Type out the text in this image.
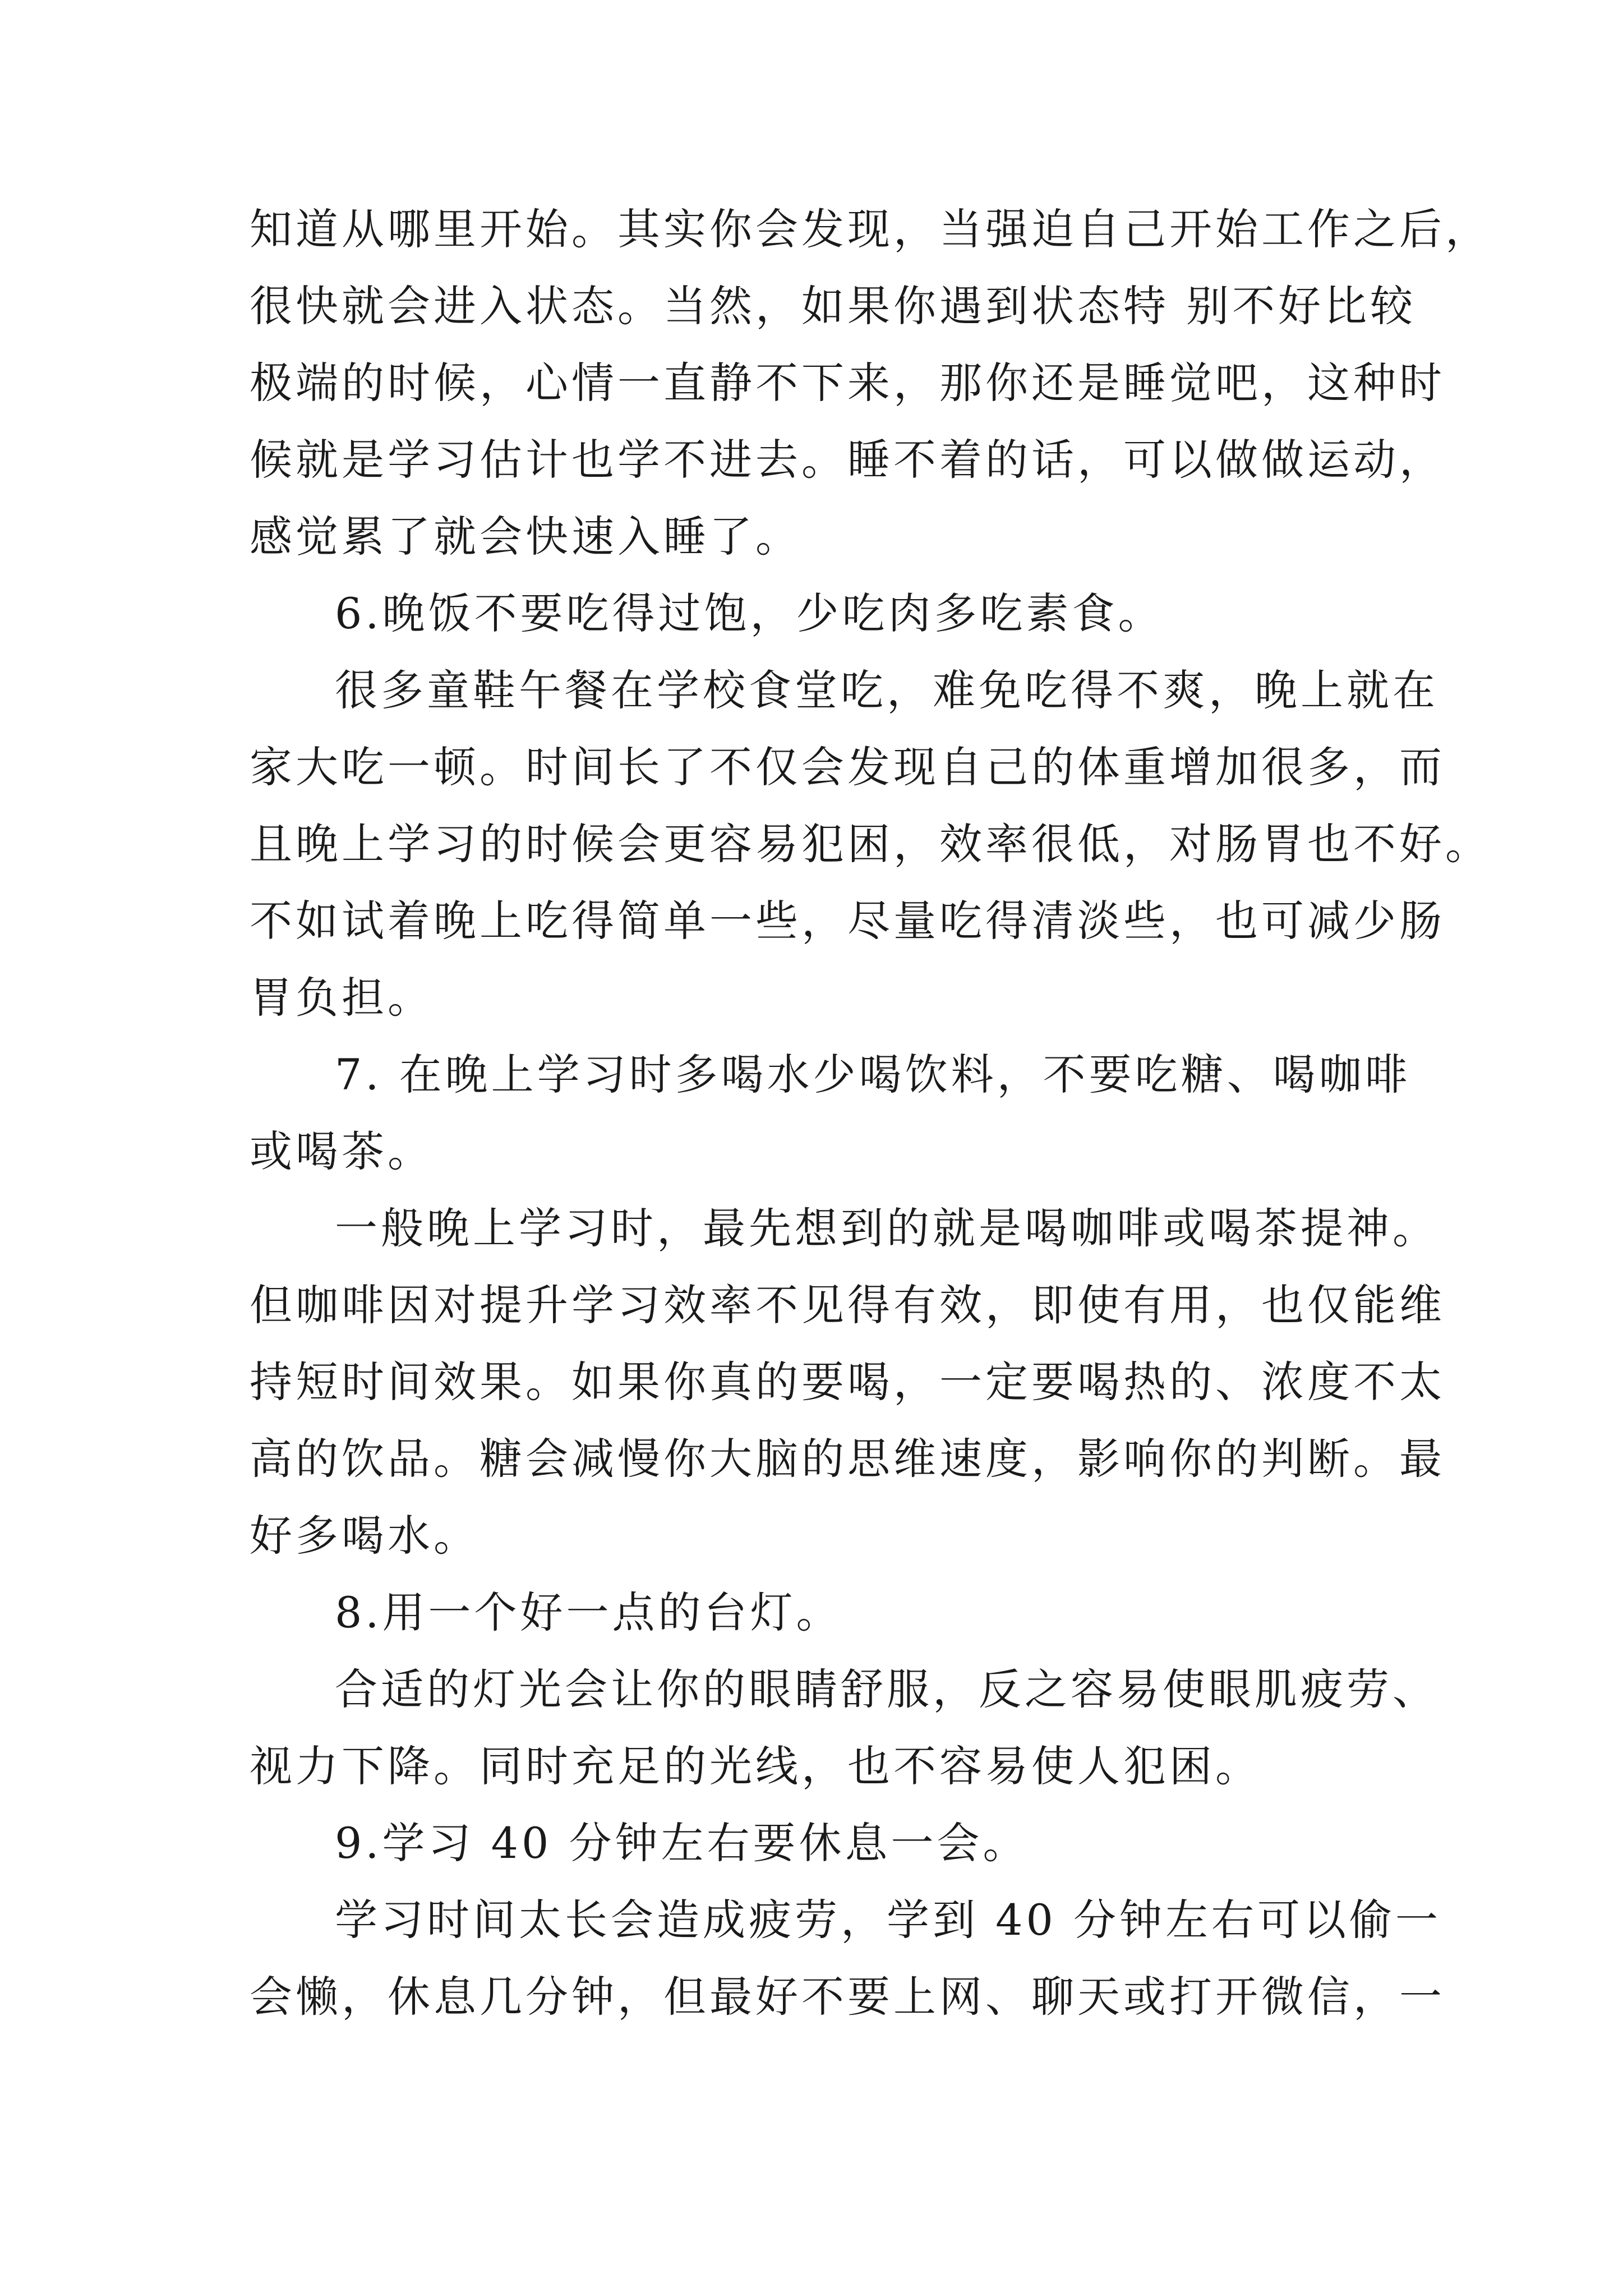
知道从哪里开始。其实你会发现，当强迫自己开始工作之后，
很快就会进入状态。当然，如果你遇到状态特 别不好比较
极端的时候，心情一直静不下来，那你还是睡觉吧，这种时
候就是学习估计也学不进去。睡不着的话，可以做做运动，
感觉累了就会快速入睡了。
6.晚饭不要吃得过饱，少吃肉多吃素食。
很多童鞋午餐在学校食堂吃，难免吃得不爽，晚上就在
家大吃一顿。时间长了不仅会发现自己的体重增加很多，而
且晚上学习的时候会更容易犯困，效率很低，对肠胃也不好。
不如试着晚上吃得简单一些，尽量吃得清淡些，也可减少肠
胃负担。
7. 在晚上学习时多喝水少喝饮料，不要吃糖、喝咖啡
或喝茶。
一般晚上学习时，最先想到的就是喝咖啡或喝茶提神。
但咖啡因对提升学习效率不见得有效，即使有用，也仅能维
持短时间效果。如果你真的要喝，一定要喝热的、浓度不太
高的饮品。糖会减慢你大脑的思维速度，影响你的判断。最
好多喝水。
8.用一个好一点的台灯。
合适的灯光会让你的眼睛舒服，反之容易使眼肌疲劳、
视力下降。同时充足的光线，也不容易使人犯困。
9.学习 40 分钟左右要休息一会。
学习时间太长会造成疲劳，学到 40 分钟左右可以偷一
会懒，休息几分钟，但最好不要上网、聊天或打开微信，一
